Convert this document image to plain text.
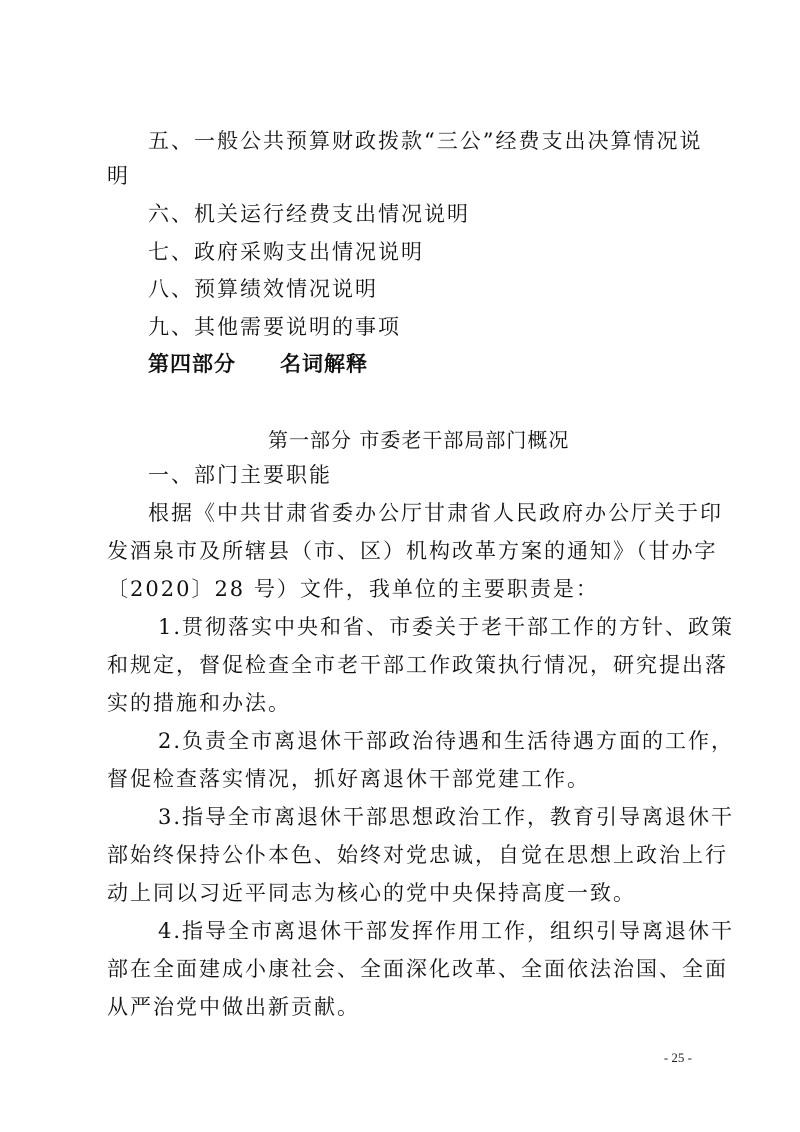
五、一般公共预算财政拨款“三公”经费支出决算情况说
明
六、机关运行经费支出情况说明
七、政府采购支出情况说明
八、预算绩效情况说明
九、其他需要说明的事项
第四部分　　名词解释
第一部分 市委老干部局部门概况
一、部门主要职能
根据《中共甘肃省委办公厅甘肃省人民政府办公厅关于印
发酒泉市及所辖县（市、区）机构改革方案的通知》（甘办字
〔2020〕28 号）文件，我单位的主要职责是：
1.贯彻落实中央和省、市委关于老干部工作的方针、政策
和规定，督促检查全市老干部工作政策执行情况，研究提出落
实的措施和办法。
2.负责全市离退休干部政治待遇和生活待遇方面的工作，
督促检查落实情况，抓好离退休干部党建工作。
3.指导全市离退休干部思想政治工作，教育引导离退休干
部始终保持公仆本色、始终对党忠诚，自觉在思想上政治上行
动上同以习近平同志为核心的党中央保持高度一致。
4.指导全市离退休干部发挥作用工作，组织引导离退休干
部在全面建成小康社会、全面深化改革、全面依法治国、全面
从严治党中做出新贡献。
- 25 -
